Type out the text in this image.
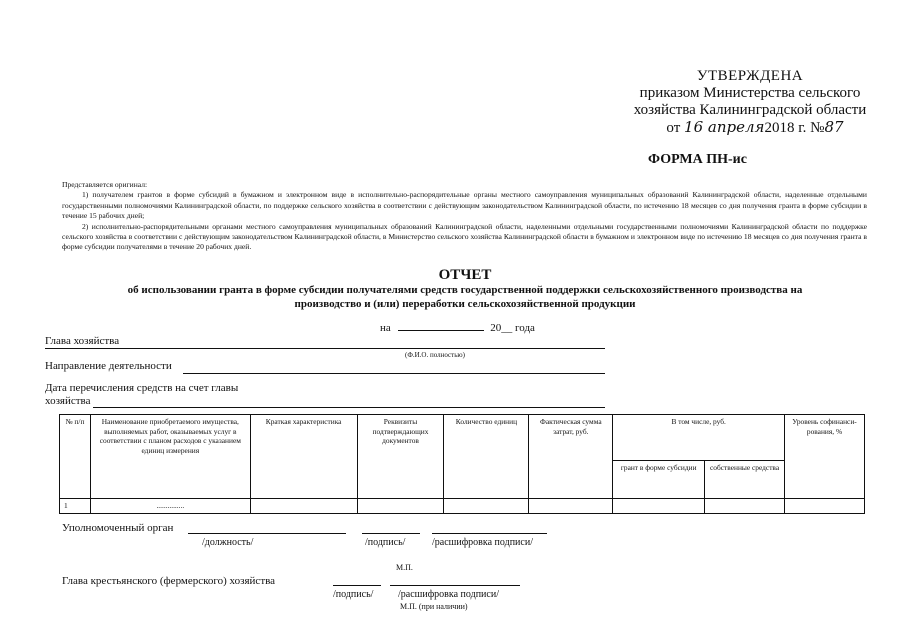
УТВЕРЖДЕНА
приказом Министерства сельского
хозяйства Калининградской области
от 16 апреля2018 г. №87
ФОРМА ПН-ис

Представляется оригинал:

1) получателем грантов в форме субсидий в бумажном и электронном виде в исполнительно-распорядительные органы местного самоуправления муниципальных образований Калининградской области, наделенные отдельными государственными полномочиями Калининградской области, по поддержке сельского хозяйства в соответствии с действующим законодательством Калининградской области, по истечению 18 месяцев со дня получения гранта в форме субсидии в течение 15 рабочих дней;

2) исполнительно-распорядительными органами местного самоуправления муниципальных образований Калининградской области, наделенными отдельными государственными полномочиями Калининградской области по поддержке сельского хозяйства в соответствии с действующим законодательством Калининградской области, в Министерство сельского хозяйства Калининградской области в бумажном и электронном виде по истечению 18 месяцев со дня получения гранта в форме субсидии получателями в течение 20 рабочих дней.

ОТЧЕТ
об использовании гранта в форме субсидии получателями средств государственной поддержки сельскохозяйственного производства на
производство и (или) переработки сельскохозяйственной продукции
на	20__ года
Глава хозяйства
(Ф.И.О. полностью)
Направление деятельности
Дата перечисления средств на счет главы
хозяйства
№ п/п	Наименование приобретаемого имущества, выполняемых работ, оказываемых услуг в соответствии с планом расходов с указанием единиц измерения	Краткая характеристика	Реквизиты подтверждающих документов	Количество единиц	Фактическая сумма затрат, руб.	В том числе, руб.		Уровень софинанси-рования, %
						грант в форме субсидии	собственные средства	
1	...............							
Уполномоченный орган
/должность/	/подпись/	/расшифровка подписи/
М.П.
Глава крестьянского (фермерского) хозяйства
/подпись/ /расшифровка подписи/
М.П. (при наличии)
